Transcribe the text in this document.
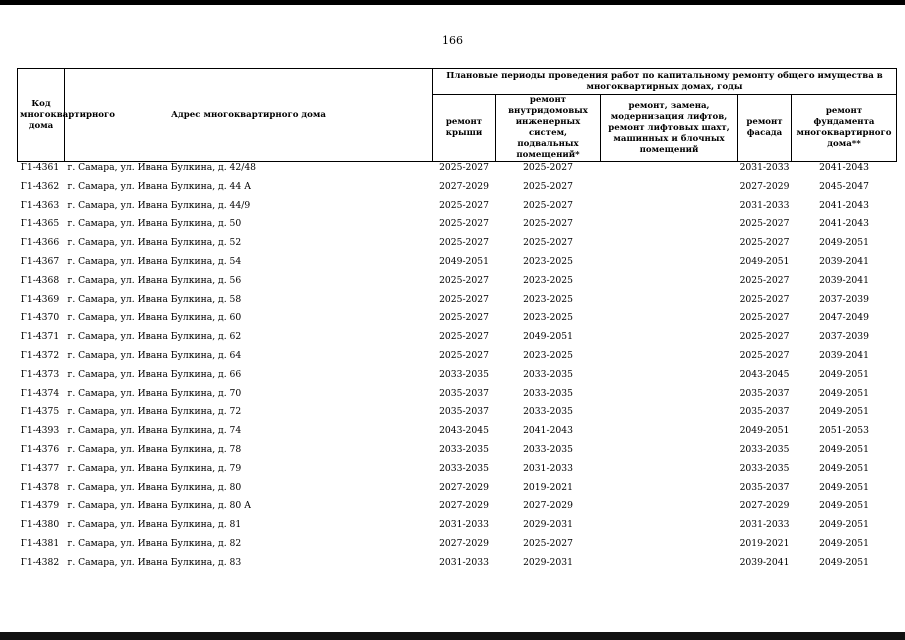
166
Код многоквартирного дома	Адрес многоквартирного дома	Плановые периоды проведения работ по капитальному ремонту общего имущества в многоквартирных домах, годы				
		ремонт крыши	ремонт внутридомовых инженерных систем, подвальных помещений*	ремонт, замена, модернизация лифтов, ремонт лифтовых шахт, машинных и блочных помещений	ремонт фасада	ремонт фундамента многоквартирного дома**
Г1-4361	г. Самара, ул. Ивана Булкина, д. 42/48	2025-2027	2025-2027		2031-2033	2041-2043
Г1-4362	г. Самара, ул. Ивана Булкина, д. 44 А	2027-2029	2025-2027		2027-2029	2045-2047
Г1-4363	г. Самара, ул. Ивана Булкина, д. 44/9	2025-2027	2025-2027		2031-2033	2041-2043
Г1-4365	г. Самара, ул. Ивана Булкина, д. 50	2025-2027	2025-2027		2025-2027	2041-2043
Г1-4366	г. Самара, ул. Ивана Булкина, д. 52	2025-2027	2025-2027		2025-2027	2049-2051
Г1-4367	г. Самара, ул. Ивана Булкина, д. 54	2049-2051	2023-2025		2049-2051	2039-2041
Г1-4368	г. Самара, ул. Ивана Булкина, д. 56	2025-2027	2023-2025		2025-2027	2039-2041
Г1-4369	г. Самара, ул. Ивана Булкина, д. 58	2025-2027	2023-2025		2025-2027	2037-2039
Г1-4370	г. Самара, ул. Ивана Булкина, д. 60	2025-2027	2023-2025		2025-2027	2047-2049
Г1-4371	г. Самара, ул. Ивана Булкина, д. 62	2025-2027	2049-2051		2025-2027	2037-2039
Г1-4372	г. Самара, ул. Ивана Булкина, д. 64	2025-2027	2023-2025		2025-2027	2039-2041
Г1-4373	г. Самара, ул. Ивана Булкина, д. 66	2033-2035	2033-2035		2043-2045	2049-2051
Г1-4374	г. Самара, ул. Ивана Булкина, д. 70	2035-2037	2033-2035		2035-2037	2049-2051
Г1-4375	г. Самара, ул. Ивана Булкина, д. 72	2035-2037	2033-2035		2035-2037	2049-2051
Г1-4393	г. Самара, ул. Ивана Булкина, д. 74	2043-2045	2041-2043		2049-2051	2051-2053
Г1-4376	г. Самара, ул. Ивана Булкина, д. 78	2033-2035	2033-2035		2033-2035	2049-2051
Г1-4377	г. Самара, ул. Ивана Булкина, д. 79	2033-2035	2031-2033		2033-2035	2049-2051
Г1-4378	г. Самара, ул. Ивана Булкина, д. 80	2027-2029	2019-2021		2035-2037	2049-2051
Г1-4379	г. Самара, ул. Ивана Булкина, д. 80 А	2027-2029	2027-2029		2027-2029	2049-2051
Г1-4380	г. Самара, ул. Ивана Булкина, д. 81	2031-2033	2029-2031		2031-2033	2049-2051
Г1-4381	г. Самара, ул. Ивана Булкина, д. 82	2027-2029	2025-2027		2019-2021	2049-2051
Г1-4382	г. Самара, ул. Ивана Булкина, д. 83	2031-2033	2029-2031		2039-2041	2049-2051
